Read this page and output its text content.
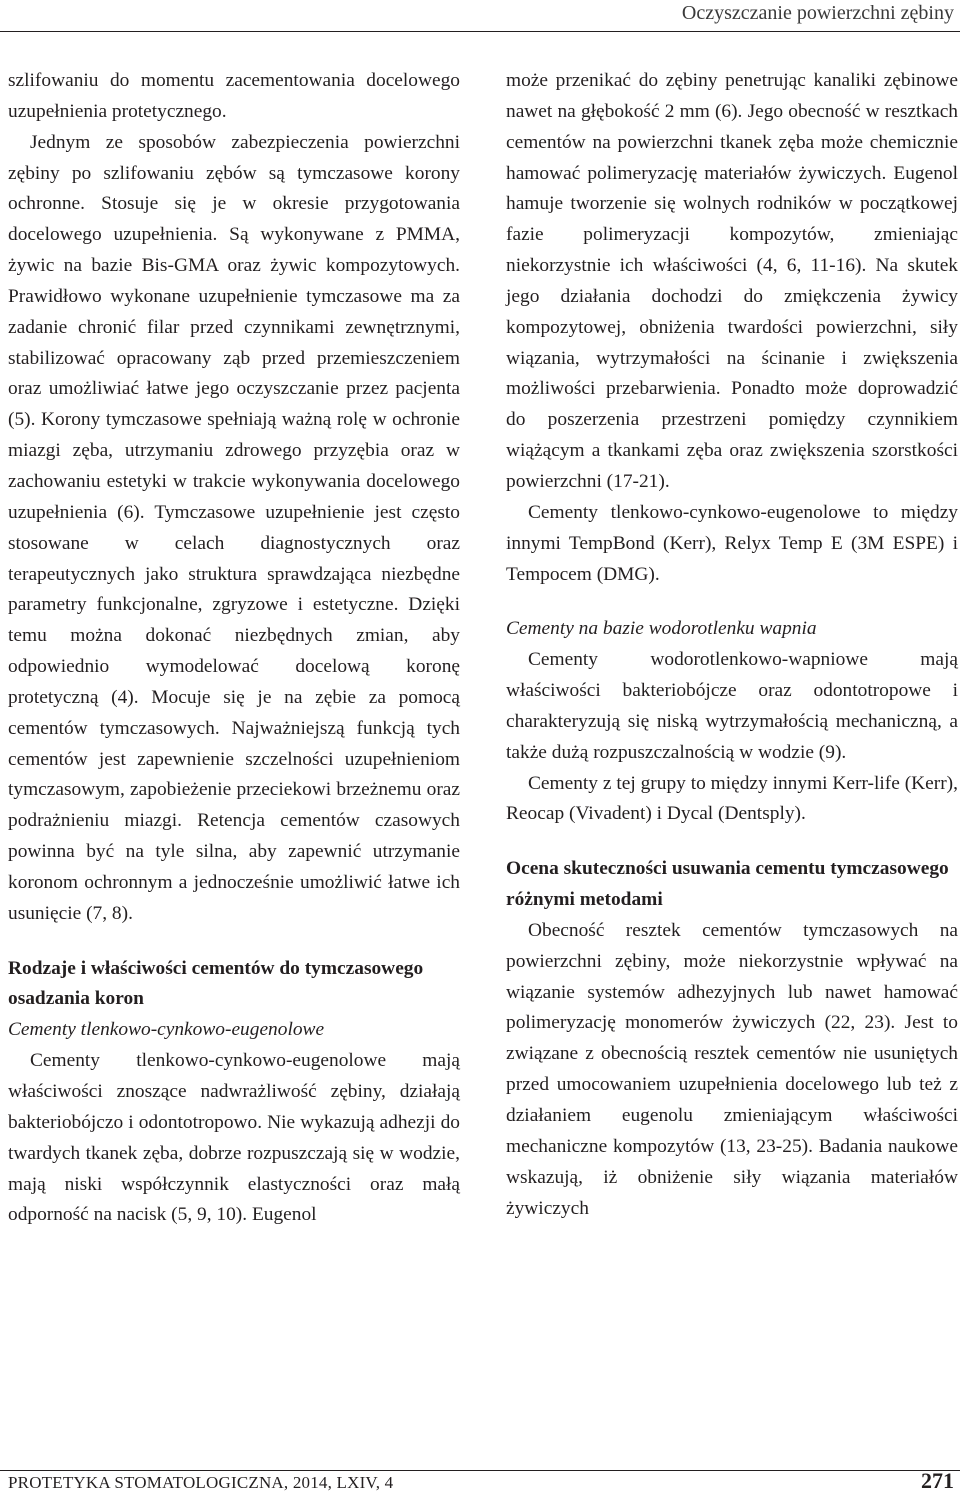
Oczyszczanie powierzchni zębiny

szlifowaniu do momentu zacementowania docelowego uzupełnienia protetycznego.

Jednym ze sposobów zabezpieczenia powierzchni zębiny po szlifowaniu zębów są tymczasowe korony ochronne. Stosuje się je w okresie przygotowania docelowego uzupełnienia. Są wykonywane z PMMA, żywic na bazie Bis-GMA oraz żywic kompozytowych. Prawidłowo wykonane uzupełnienie tymczasowe ma za zadanie chronić filar przed czynnikami zewnętrznymi, stabilizować opracowany ząb przed przemieszczeniem oraz umożliwiać łatwe jego oczyszczanie przez pacjenta (5). Korony tymczasowe spełniają ważną rolę w ochronie miazgi zęba, utrzymaniu zdrowego przyzębia oraz w zachowaniu estetyki w trakcie wykonywania docelowego uzupełnienia (6). Tymczasowe uzupełnienie jest często stosowane w celach diagnostycznych oraz terapeutycznych jako struktura sprawdzająca niezbędne parametry funkcjonalne, zgryzowe i estetyczne. Dzięki temu można dokonać niezbędnych zmian, aby odpowiednio wymodelować docelową koronę protetyczną (4). Mocuje się je na zębie za pomocą cementów tymczasowych. Najważniejszą funkcją tych cementów jest zapewnienie szczelności uzupełnieniom tymczasowym, zapobieżenie przeciekowi brzeżnemu oraz podrażnieniu miazgi. Retencja cementów czasowych powinna być na tyle silna, aby zapewnić utrzymanie koronom ochronnym a jednocześnie umożliwić łatwe ich usunięcie (7, 8).

Rodzaje i właściwości cementów do tymczasowego osadzania koron

Cementy tlenkowo-cynkowo-eugenolowe

Cementy tlenkowo-cynkowo-eugenolowe mają właściwości znoszące nadwrażliwość zębiny, działają bakteriobójczo i odontotropowo. Nie wykazują adhezji do twardych tkanek zęba, dobrze rozpuszczają się w wodzie, mają niski współczynnik elastyczności oraz małą odporność na nacisk (5, 9, 10). Eugenol

może przenikać do zębiny penetrując kanaliki zębinowe nawet na głębokość 2 mm (6). Jego obecność w resztkach cementów na powierzchni tkanek zęba może chemicznie hamować polimeryzację materiałów żywiczych. Eugenol hamuje tworzenie się wolnych rodników w początkowej fazie polimeryzacji kompozytów, zmieniając niekorzystnie ich właściwości (4, 6, 11-16). Na skutek jego działania dochodzi do zmiękczenia żywicy kompozytowej, obniżenia twardości powierzchni, siły wiązania, wytrzymałości na ścinanie i zwiększenia możliwości przebarwienia. Ponadto może doprowadzić do poszerzenia przestrzeni pomiędzy czynnikiem wiążącym a tkankami zęba oraz zwiększenia szorstkości powierzchni (17-21).

Cementy tlenkowo-cynkowo-eugenolowe to między innymi TempBond (Kerr), Relyx Temp E (3M ESPE) i Tempocem (DMG).

Cementy na bazie wodorotlenku wapnia

Cementy wodorotlenkowo-wapniowe mają właściwości bakteriobójcze oraz odontotropowe i charakteryzują się niską wytrzymałością mechaniczną, a także dużą rozpuszczalnością w wodzie (9).

Cementy z tej grupy to między innymi Kerr-life (Kerr), Reocap (Vivadent) i Dycal (Dentsply).

Ocena skuteczności usuwania cementu tymczasowego różnymi metodami

Obecność resztek cementów tymczasowych na powierzchni zębiny, może niekorzystnie wpływać na wiązanie systemów adhezyjnych lub nawet hamować polimeryzację monomerów żywiczych (22, 23). Jest to związane z obecnością resztek cementów nie usuniętych przed umocowaniem uzupełnienia docelowego lub też z działaniem eugenolu zmieniającym właściwości mechaniczne kompozytów (13, 23-25). Badania naukowe wskazują, iż obniżenie siły wiązania materiałów żywiczych

PROTETYKA STOMATOLOGICZNA, 2014, LXIV, 4	271
